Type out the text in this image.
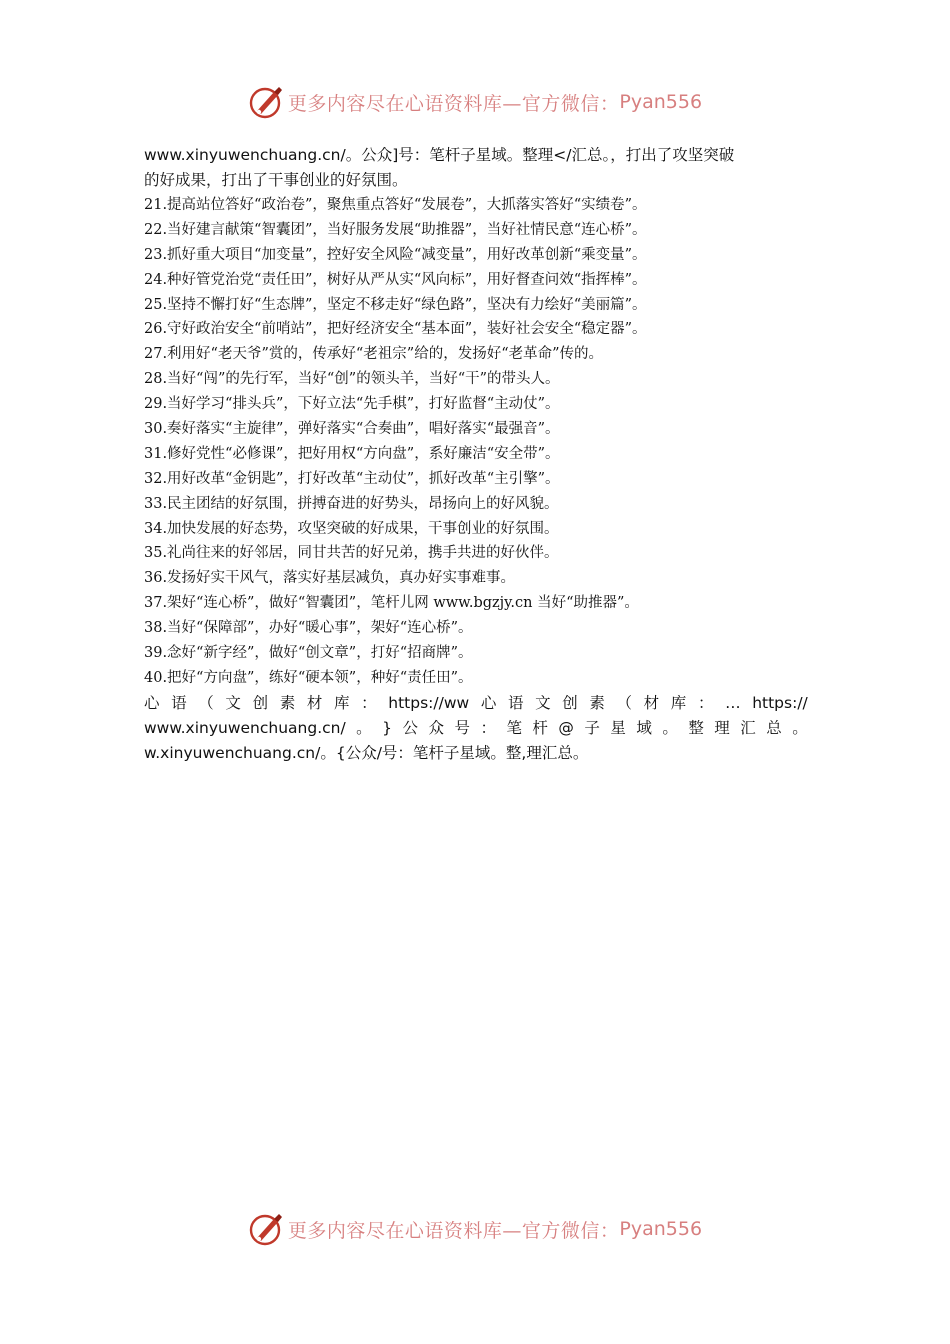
更多内容尽在心语资料库—官方微信： Pyan556
www.xinyuwenchuang.cn/。公众]号：笔杆子星域。整理</汇总。，打出了攻坚突破
的好成果，打出了干事创业的好氛围。
21.提高站位答好“政治卷”，聚焦重点答好“发展卷”，大抓落实答好“实绩卷”。
22.当好建言献策“智囊团”，当好服务发展“助推器”，当好社情民意“连心桥”。
23.抓好重大项目“加变量”，控好安全风险“减变量”，用好改革创新“乘变量”。
24.种好管党治党“责任田”，树好从严从实“风向标”，用好督查问效“指挥棒”。
25.坚持不懈打好“生态牌”，坚定不移走好“绿色路”，坚决有力绘好“美丽篇”。
26.守好政治安全“前哨站”，把好经济安全“基本面”，装好社会安全“稳定器”。
27.利用好“老天爷”赏的，传承好“老祖宗”给的，发扬好“老革命”传的。
28.当好“闯”的先行军，当好“创”的领头羊，当好“干”的带头人。
29.当好学习“排头兵”，下好立法“先手棋”，打好监督“主动仗”。
30.奏好落实“主旋律”，弹好落实“合奏曲”，唱好落实“最强音”。
31.修好党性“必修课”，把好用权“方向盘”，系好廉洁“安全带”。
32.用好改革“金钥匙”，打好改革“主动仗”，抓好改革“主引擎”。
33.民主团结的好氛围，拼搏奋进的好势头，昂扬向上的好风貌。
34.加快发展的好态势，攻坚突破的好成果，干事创业的好氛围。
35.礼尚往来的好邻居，同甘共苦的好兄弟，携手共进的好伙伴。
36.发扬好实干风气，落实好基层减负，真办好实事难事。
37.架好“连心桥”，做好“智囊团”，笔杆儿网 www.bgzjy.cn 当好“助推器”。
38.当好“保障部”，办好“暖心事”，架好“连心桥”。
39.念好“新字经”，做好“创文章”，打好“招商牌”。
40.把好“方向盘”，练好“硬本领”，种好“责任田”。
心 语 （ 文 创 素 材 库 ： https://ww 心 语 文 创 素 （ 材 库 ： … https://
www.xinyuwenchuang.cn/ 。 } 公 众 号 ： 笔 杆 @ 子 星 域 。 整 理 汇 总 。
w.xinyuwenchuang.cn/。{公众/号：笔杆子星域。整,理汇总。
更多内容尽在心语资料库—官方微信： Pyan556
